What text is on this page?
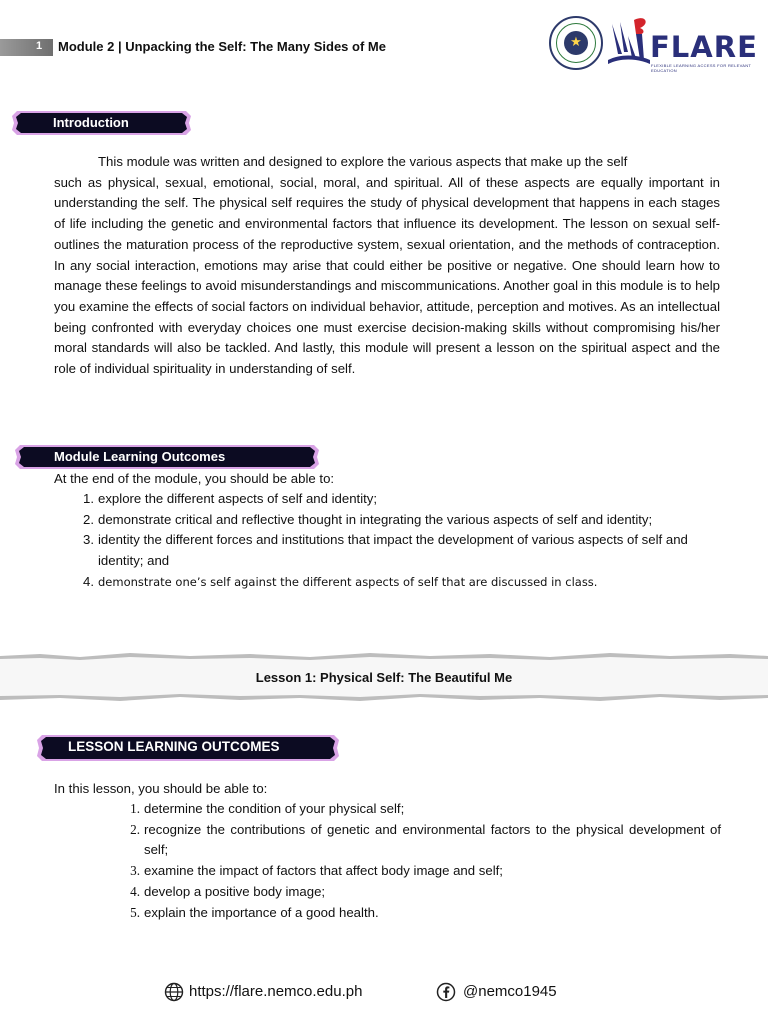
1 Module 2 | Unpacking the Self: The Many Sides of Me	★ FLARE
FLEXIBLE LEARNING ACCESS FOR RELEVANT EDUCATION
Introduction
This module was written and designed to explore the various aspects that make up the self
such as physical, sexual, emotional, social, moral, and spiritual. All of these aspects are equally important in understanding the self. The physical self requires the study of physical development that happens in each stages of life including the genetic and environmental factors that influence its development. The lesson on sexual self-outlines the maturation process of the reproductive system, sexual orientation, and the methods of contraception. In any social interaction, emotions may arise that could either be positive or negative. One should learn how to manage these feelings to avoid misunderstandings and miscommunications. Another goal in this module is to help you examine the effects of social factors on individual behavior, attitude, perception and motives. As an intellectual being confronted with everyday choices one must exercise decision-making skills without compromising his/her moral standards will also be tackled. And lastly, this module will present a lesson on the spiritual aspect and the role of individual spirituality in understanding of self.
Module Learning Outcomes
At the end of the module, you should be able to:
1. explore the different aspects of self and identity;
2. demonstrate critical and reflective thought in integrating the various aspects of self and identity;
3. identity the different forces and institutions that impact the development of various aspects of self and identity; and
4. demonstrate one’s self against the different aspects of self that are discussed in class.
Lesson 1: Physical Self: The Beautiful Me
LESSON LEARNING OUTCOMES
In this lesson, you should be able to:
1. determine the condition of your physical self;
2. recognize the contributions of genetic and environmental factors to the physical development of self;
3. examine the impact of factors that affect body image and self;
4. develop a positive body image;
5. explain the importance of a good health.
https://flare.nemco.edu.ph	@nemco1945
